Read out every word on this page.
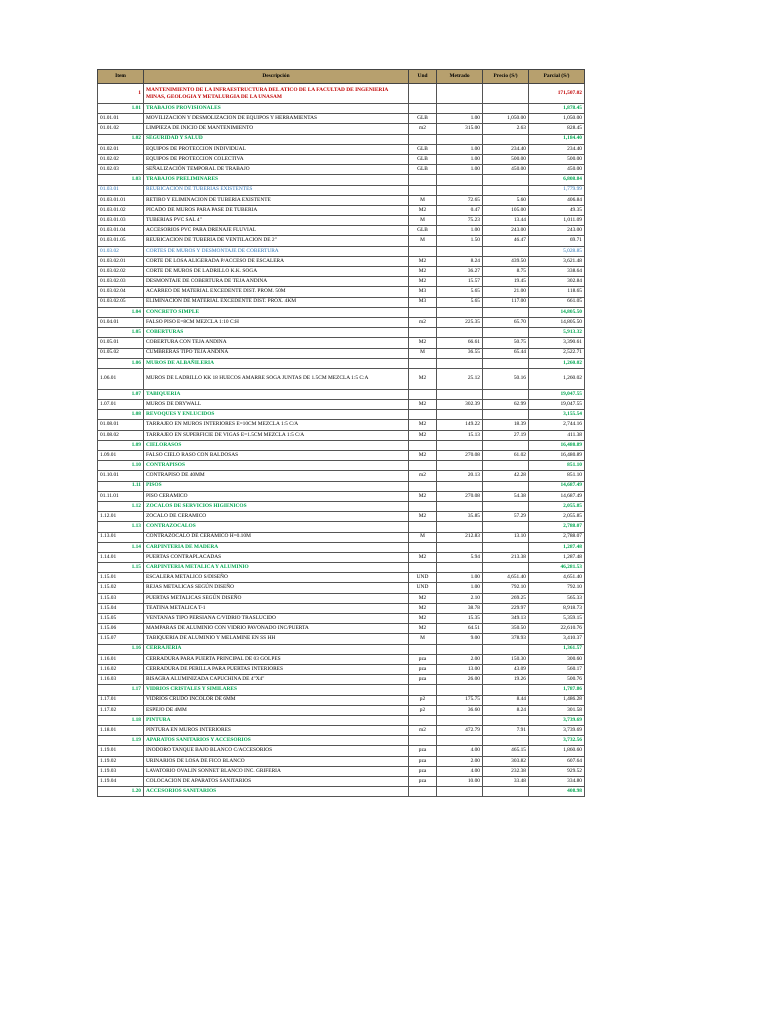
Item	Descripción	Und	Metrado	Precio (S/)	Parcial (S/)
1	MANTENIMIENTO DE LA INFRAESTRUCTURA DEL ATICO DE LA FACULTAD DE INGENIERIA MINAS, GEOLOGIA Y METALURGIA DE LA UNASAM				171,507.02
1.01	TRABAJOS PROVISIONALES				1,878.45
01.01.01	MOVILIZACION Y DESMOLIZACION DE EQUIPOS Y HERRAMIENTAS	GLB	1.00	1,050.00	1,050.00
01.01.02	LIMPIEZA DE INICIO DE MANTENIMIENTO	m2	315.00	2.63	828.45
1.02	SEGURIDAD Y SALUD				1,184.40
01.02.01	EQUIPOS DE PROTECCION INDIVIDUAL	GLB	1.00	234.40	234.40
01.02.02	EQUIPOS DE PROTECCION COLECTIVA	GLB	1.00	500.00	500.00
01.02.03	SEÑALIZACIÓN TEMPORAL DE TRABAJO	GLB	1.00	450.00	450.00
1.03	TRABAJOS PRELIMINARES				6,808.84
01.03.01	REUBICACION DE TUBERIAS EXISTENTES				1,779.99
01.03.01.01	RETIRO Y ELIMINACION DE TUBERIA EXISTENTE	M	72.65	5.60	406.84
01.03.01.02	PICADO DE MUROS PARA PASE DE TUBERIA	M2	0.47	105.00	49.35
01.03.01.03	TUBERIAS PVC SAL 4"	M	75.23	13.44	1,011.09
01.03.01.04	ACCESORIOS PVC PARA DRENAJE FLUVIAL	GLB	1.00	243.00	243.00
01.03.01.05	REUBICACION DE TUBERIA DE VENTILACION DE 2"	M	1.50	46.47	69.71
01.03.02	CORTES DE MUROS Y DESMONTAJE DE COBERTURA				5,028.85
01.03.02.01	CORTE DE LOSA ALIGERADA P/ACCESO DE ESCALERA	M2	8.24	439.50	3,621.48
01.03.02.02	CORTE DE MUROS DE LADRILLO K.K. SOGA	M2	36.27	8.75	338.64
01.03.02.03	DESMONTAJE DE COBERTURA DE TEJA ANDINA	M2	15.57	19.45	302.84
01.03.02.04	ACARREO DE MATERIAL EXCEDENTE DIST. PROM. 50M	M3	5.65	21.00	118.65
01.03.02.05	ELIMINACION DE MATERIAL EXCEDENTE DIST. PROX. 4KM	M3	5.65	117.00	661.05
1.04	CONCRETO SIMPLE				14,805.50
01.04.01	FALSO PISO E=8CM MEZCLA 1:10 C:H	m2	225.35	65.70	14,805.50
1.05	COBERTURAS				5,913.32
01.05.01	COBERTURA CON TEJA ANDINA	M2	66.61	50.75	3,390.61
01.05.02	CUMBRERAS TIPO TEJA ANDINA	M	36.55	65.44	2,522.71
1.06	MUROS DE ALBAÑILERIA				1,260.02
1.06.01	MUROS DE LADRILLO KK 18 HUECOS AMARRE SOGA JUNTAS DE 1.5CM MEZCLA 1:5 C:A	M2	25.12	50.16	1,260.02
1.07	TABIQUERIA				19,047.55
1.07.01	MUROS DE DRYWALL	M2	302.39	62.99	19,047.55
1.08	REVOQUES Y ENLUCIDOS				3,155.54
01.08.01	TARRAJEO EN MUROS INTERIORES E=10CM MEZCLA 1:5 C/A	M2	149.22	18.39	2,744.16
01.08.02	TARRAJEO EN SUPERFICIE DE VIGAS E=1.5CM MEZCLA 1:5 C/A	M2	15.13	27.19	411.38
1.09	CIELORASOS				16,480.89
1.09.01	FALSO CIELO RASO CON BALDOSAS	M2	270.08	61.02	16,480.89
1.10	CONTRAPISOS				851.10
01.10.01	CONTRAPISO DE 40MM	m2	20.13	42.28	851.10
1.11	PISOS				14,687.49
01.11.01	PISO CERAMICO	M2	270.08	54.38	14,687.49
1.12	ZOCALOS DE SERVICIOS HIGIENICOS				2,055.85
1.12.01	ZOCALO DE CERAMICO	M2	35.85	57.29	2,055.85
1.13	CONTRAZOCALOS				2,788.07
1.13.01	CONTRAZOCALO DE CERAMICO H=0.10M	M	212.83	13.10	2,788.07
1.14	CARPINTERIA DE MADERA				1,287.48
1.14.01	PUERTAS CONTRAPLACADAS	M2	5.94	213.38	1,287.48
1.15	CARPINTERIA METALICA Y ALUMINIO				46,281.53
1.15.01	ESCALERA METALICO S/DISEÑO	UND	1.00	4,651.40	4,651.40
1.15.02	REJAS METALICAS SEGÚN DISEÑO	UND	1.00	792.10	792.10
1.15.03	PUERTAS METALICAS SEGÚN DISEÑO	M2	2.10	269.25	565.33
1.15.04	TEATINA METALICA T-1	M2	38.78	229.97	8,918.73
1.15.05	VENTANAS TIPO PERSIANA C/VIDRIO TRASLUCIDO	M2	15.35	349.13	5,359.15
1.15.06	MAMPARAS DE ALUMINIO CON VIDRIO PAVONADO INC/PUERTA	M2	64.51	350.50	22,610.76
1.15.07	TABIQUERIA DE ALUMINIO Y MELAMINE EN SS HH	M	9.00	378.93	3,410.37
1.16	CERRAJERIA				1,361.57
1.16.01	CERRADURA PARA PUERTA PRINCIPAL DE 03 GOLPES	pza	2.00	150.30	300.60
1.16.02	CERRADURA DE PERILLA PARA PUERTAS INTERIORES	pza	13.00	43.09	560.17
1.16.03	BISAGRA ALUMINIZADA CAPUCHINA DE 4"X4"	pza	26.00	19.26	500.76
1.17	VIDRIOS CRISTALES Y SIMILARES				1,787.86
1.17.01	VIDRIOS CRUDO INCOLOR DE 6MM	p2	175.75	8.44	1,486.28
1.17.02	ESPEJO DE 4MM	p2	36.60	8.24	301.58
1.18	PINTURA				3,739.69
1.18.01	PINTURA EN MUROS INTERIORES	m2	472.79	7.91	3,739.69
1.19	APARATOS SANITARIOS Y ACCESORIOS				3,732.56
1.19.01	INODORO TANQUE BAJO BLANCO C/ACCESORIOS	pza	4.00	465.15	1,860.60
1.19.02	URINARIOS DE LOSA DE FICO BLANCO	pza	2.00	303.82	607.64
1.19.03	LAVATORIO OVALIN SONNET BLANCO INC. GRIFERIA	pza	4.00	232.38	929.52
1.19.04	COLOCACION DE APARATOS SANITARIOS	pza	10.00	33.48	334.80
1.20	ACCESORIOS SANITARIOS				408.98
